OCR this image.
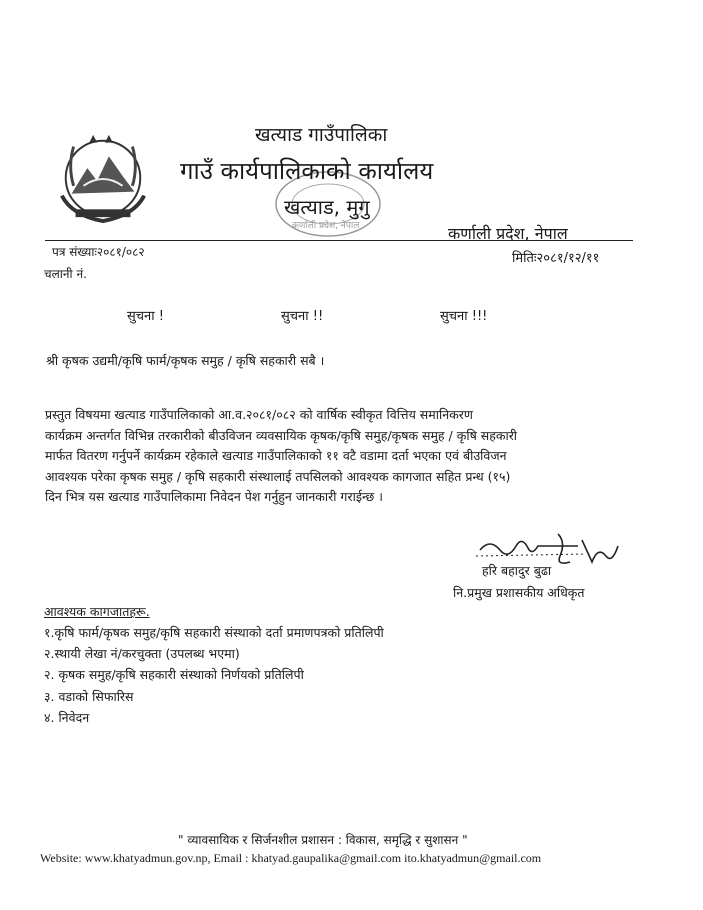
कर्णाली प्रदेश, नेपाल
खत्याड गाउँपालिका
गाउँ कार्यपालिकाको कार्यालय
खत्याड, मुगु
कर्णाली प्रदेश, नेपाल
पत्र संख्याः२०८१/०८२	मितिः२०८१/१२/११
चलानी नं.
सुचना !	सुचना !!	सुचना !!!
श्री कृषक उद्यमी/कृषि फार्म/कृषक समुह / कृषि सहकारी सबै ।
प्रस्तुत विषयमा खत्याड गाउँपालिकाको आ.व.२०८१/०८२ को वार्षिक स्वीकृत वित्तिय समानिकरण
कार्यक्रम अन्तर्गत विभिन्न तरकारीको बीउविजन व्यवसायिक कृषक/कृषि समुह/कृषक समुह / कृषि सहकारी
मार्फत वितरण गर्नुपर्ने कार्यक्रम रहेकाले खत्याड गाउँपालिकाको ११ वटै वडामा दर्ता भएका एवं बीउविजन
आवश्यक परेका कृषक समुह / कृषि सहकारी संस्थालाई तपसिलको आवश्यक कागजात सहित प्रन्ध (१५)
दिन भित्र यस खत्याड गाउँपालिकामा निवेदन पेश गर्नुहुन जानकारी गराईन्छ ।
हरि बहादुर बुढा
नि.प्रमुख प्रशासकीय अधिकृत
आवश्यक कागजातहरू.
१.कृषि फार्म/कृषक समुह/कृषि सहकारी संस्थाको दर्ता प्रमाणपत्रको प्रतिलिपी
२.स्थायी लेखा नं/करचुक्ता (उपलब्ध भएमा)
२. कृषक समुह/कृषि सहकारी संस्थाको निर्णयको प्रतिलिपी
३. वडाको सिफारिस
४. निवेदन
" व्यावसायिक र सिर्जनशील प्रशासन : विकास, समृद्धि र सुशासन "
Website: www.khatyadmun.gov.np, Email : khatyad.gaupalika@gmail.com ito.khatyadmun@gmail.com
